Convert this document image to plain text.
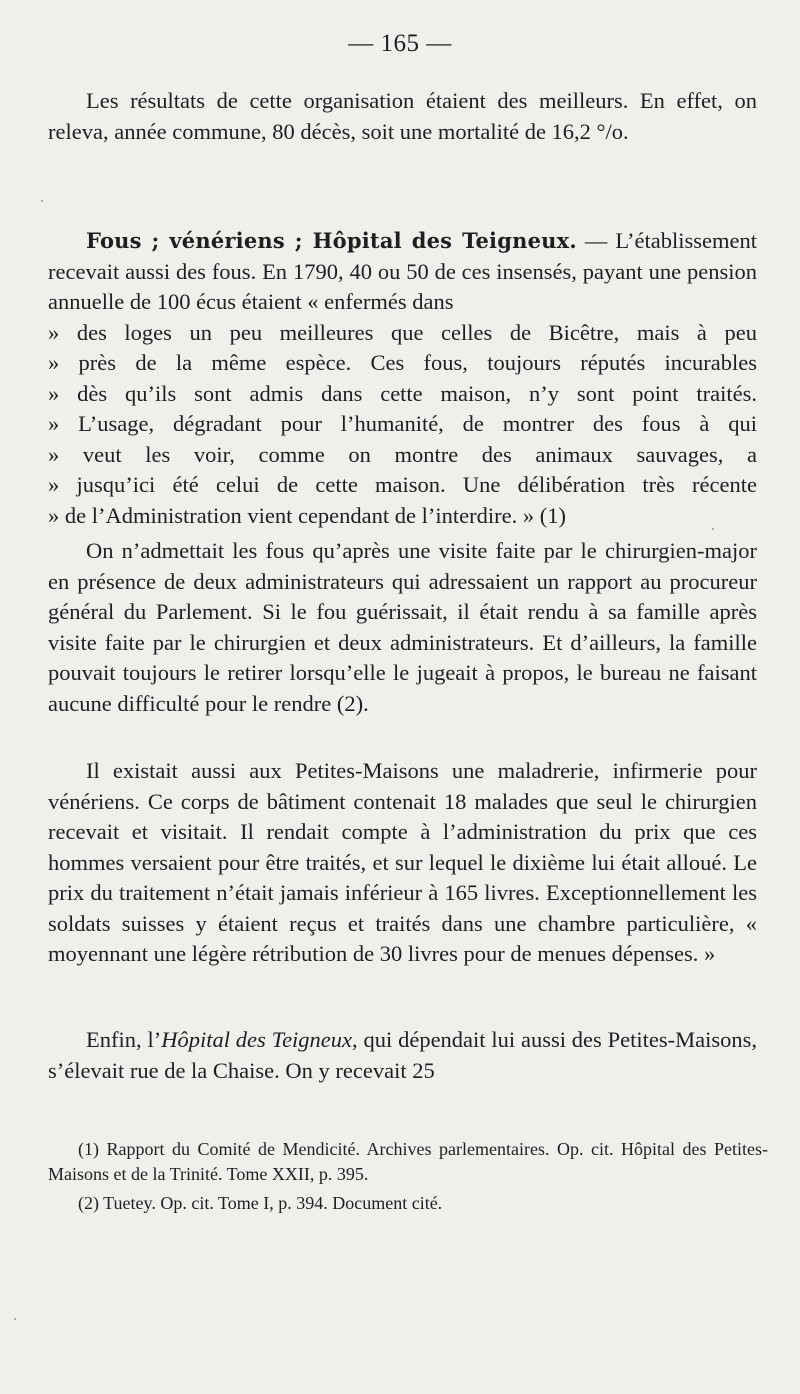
— 165 —

Les résultats de cette organisation étaient des meilleurs. En effet, on releva, année commune, 80 décès, soit une mortalité de 16,2 °/o.

Fous ; vénériens ; Hôpital des Teigneux. — L’établissement recevait aussi des fous. En 1790, 40 ou 50 de ces insensés, payant une pension annuelle de 100 écus étaient « enfermés dans
» des loges un peu meilleures que celles de Bicêtre, mais à peu
» près de la même espèce. Ces fous, toujours réputés incurables
» dès qu’ils sont admis dans cette maison, n’y sont point traités.
» L’usage, dégradant pour l’humanité, de montrer des fous à qui
» veut les voir, comme on montre des animaux sauvages, a
» jusqu’ici été celui de cette maison. Une délibération très récente
» de l’Administration vient cependant de l’interdire. » (1)

On n’admettait les fous qu’après une visite faite par le chirurgien-major en présence de deux administrateurs qui adressaient un rapport au procureur général du Parlement. Si le fou guérissait, il était rendu à sa famille après visite faite par le chirurgien et deux administrateurs. Et d’ailleurs, la famille pouvait toujours le retirer lorsqu’elle le jugeait à propos, le bureau ne faisant aucune difficulté pour le rendre (2).

Il existait aussi aux Petites-Maisons une maladrerie, infirmerie pour vénériens. Ce corps de bâtiment contenait 18 malades que seul le chirurgien recevait et visitait. Il rendait compte à l’administration du prix que ces hommes versaient pour être traités, et sur lequel le dixième lui était alloué. Le prix du traitement n’était jamais inférieur à 165 livres. Exceptionnellement les soldats suisses y étaient reçus et traités dans une chambre particulière, « moyennant une légère rétribution de 30 livres pour de menues dépenses. »

Enfin, l’Hôpital des Teigneux, qui dépendait lui aussi des Petites-Maisons, s’élevait rue de la Chaise. On y recevait 25

(1) Rapport du Comité de Mendicité. Archives parlementaires. Op. cit. Hôpital des Petites-Maisons et de la Trinité. Tome XXII, p. 395.
(2) Tuetey. Op. cit. Tome I, p. 394. Document cité.
